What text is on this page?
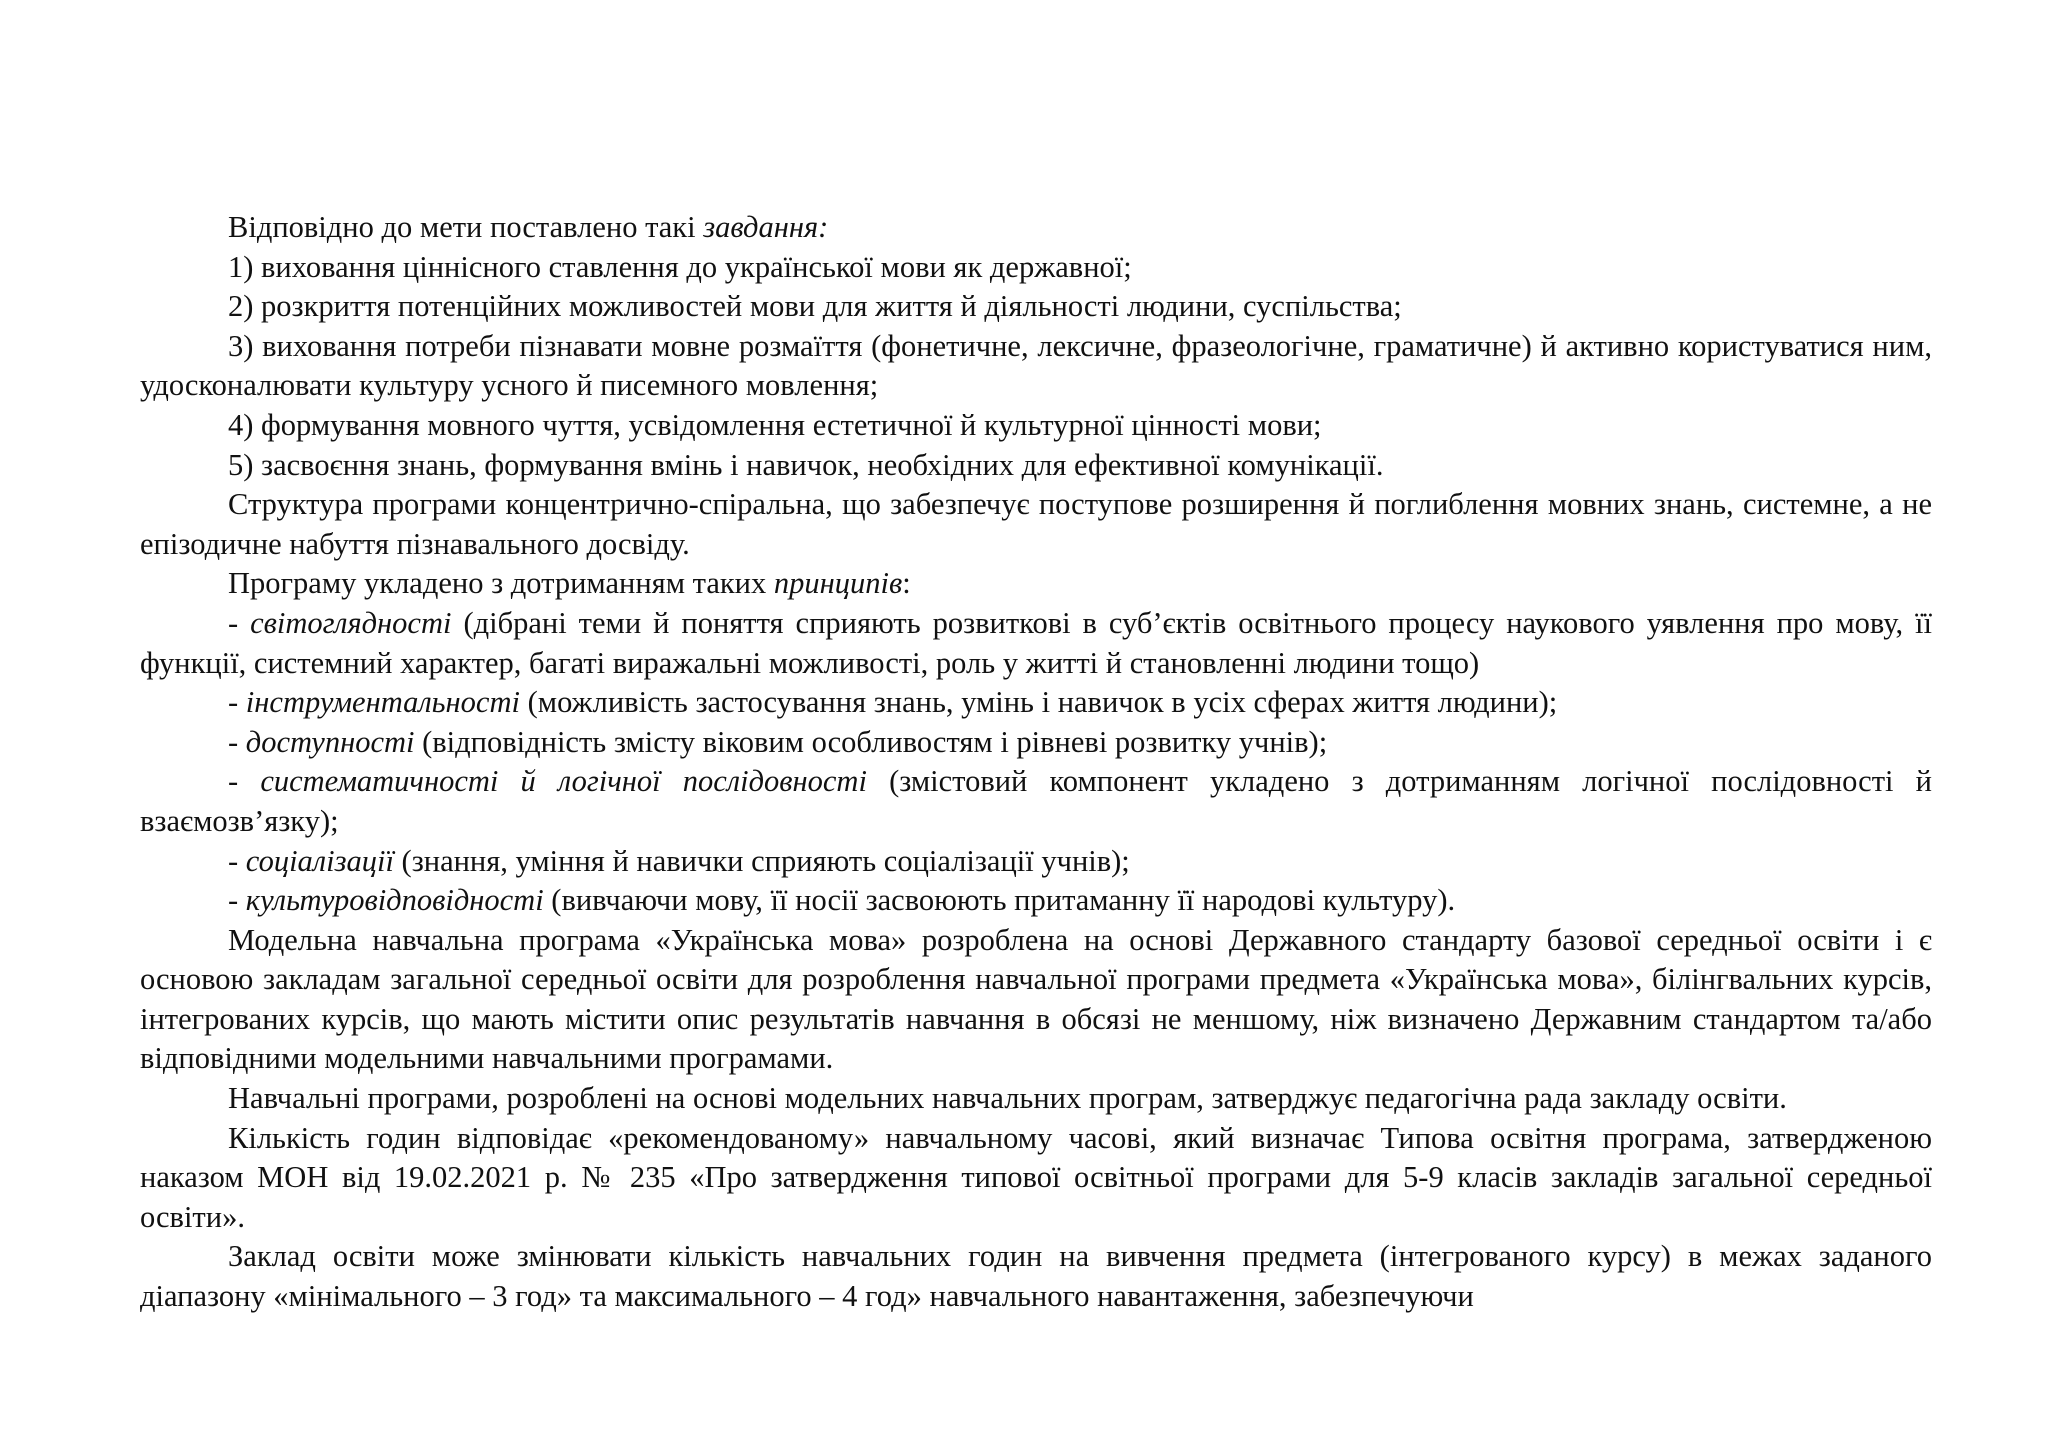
Відповідно до мети поставлено такі завдання:

1) виховання ціннісного ставлення до української мови як державної;

2) розкриття потенційних можливостей мови для життя й діяльності людини, суспільства;

3) виховання потреби пізнавати мовне розмаїття (фонетичне, лексичне, фразеологічне, граматичне) й активно користуватися ним, удосконалювати культуру усного й писемного мовлення;

4) формування мовного чуття, усвідомлення естетичної й культурної цінності мови;

5) засвоєння знань, формування вмінь і навичок, необхідних для ефективної комунікації.

Структура програми концентрично-спіральна, що забезпечує поступове розширення й поглиблення мовних знань, системне, а не епізодичне набуття пізнавального досвіду.

Програму укладено з дотриманням таких принципів:

- світоглядності (дібрані теми й поняття сприяють розвиткові в суб’єктів освітнього процесу наукового уявлення про мову, її функції, системний характер, багаті виражальні можливості, роль у житті й становленні людини тощо)

- інструментальності (можливість застосування знань, умінь і навичок в усіх сферах життя людини);

- доступності (відповідність змісту віковим особливостям і рівневі розвитку учнів);

- систематичності й логічної послідовності (змістовий компонент укладено з дотриманням логічної послідовності й взаємозв’язку);

- соціалізації (знання, уміння й навички сприяють соціалізації учнів);

- культуровідповідності (вивчаючи мову, її носії засвоюють притаманну її народові культуру).

Модельна навчальна програма «Українська мова» розроблена на основі Державного стандарту базової середньої освіти і є основою закладам загальної середньої освіти для розроблення навчальної програми предмета «Українська мова», білінгвальних курсів, інтегрованих курсів, що мають містити опис результатів навчання в обсязі не меншому, ніж визначено Державним стандартом та/або відповідними модельними навчальними програмами.

Навчальні програми, розроблені на основі модельних навчальних програм, затверджує педагогічна рада закладу освіти.

Кількість годин відповідає «рекомендованому» навчальному часові, який визначає Типова освітня програма, затвердженою наказом МОН від 19.02.2021 р. № 235 «Про затвердження типової освітньої програми для 5-9 класів закладів загальної середньої освіти».

Заклад освіти може змінювати кількість навчальних годин на вивчення предмета (інтегрованого курсу) в межах заданого діапазону «мінімального – 3 год» та максимального – 4 год» навчального навантаження, забезпечуючи
